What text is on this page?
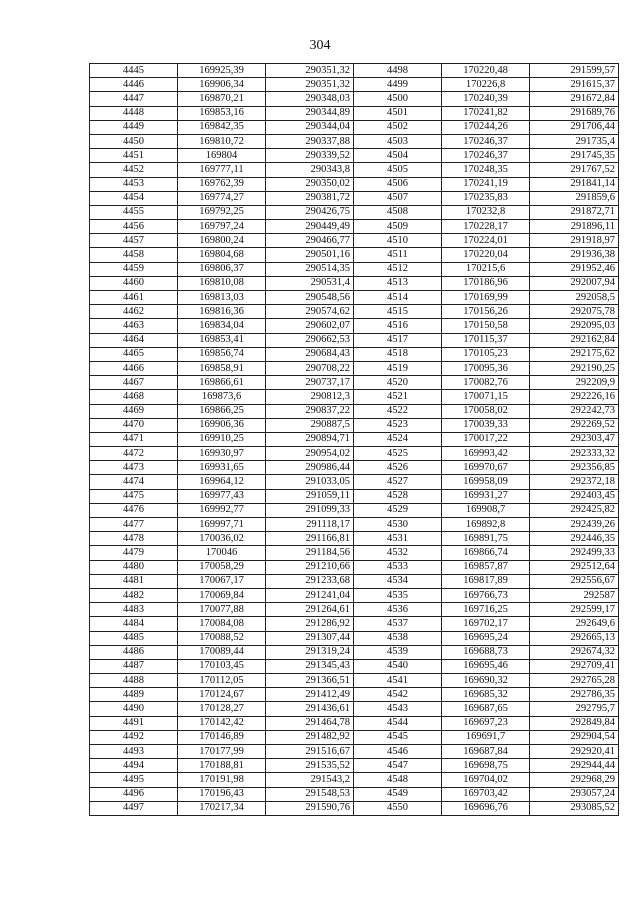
304
4445	169925,39	290351,32	4498	170220,48	291599,57
4446	169906,34	290351,32	4499	170226,8	291615,37
4447	169870,21	290348,03	4500	170240,39	291672,84
4448	169853,16	290344,89	4501	170241,82	291689,76
4449	169842,35	290344,04	4502	170244,26	291706,44
4450	169810,72	290337,88	4503	170246,37	291735,4
4451	169804	290339,52	4504	170246,37	291745,35
4452	169777,11	290343,8	4505	170248,35	291767,52
4453	169762,39	290350,02	4506	170241,19	291841,14
4454	169774,27	290381,72	4507	170235,83	291859,6
4455	169792,25	290426,75	4508	170232,8	291872,71
4456	169797,24	290449,49	4509	170228,17	291896,11
4457	169800,24	290466,77	4510	170224,01	291918,97
4458	169804,68	290501,16	4511	170220,04	291936,38
4459	169806,37	290514,35	4512	170215,6	291952,46
4460	169810,08	290531,4	4513	170186,96	292007,94
4461	169813,03	290548,56	4514	170169,99	292058,5
4462	169816,36	290574,62	4515	170156,26	292075,78
4463	169834,04	290602,07	4516	170150,58	292095,03
4464	169853,41	290662,53	4517	170115,37	292162,84
4465	169856,74	290684,43	4518	170105,23	292175,62
4466	169858,91	290708,22	4519	170095,36	292190,25
4467	169866,61	290737,17	4520	170082,76	292209,9
4468	169873,6	290812,3	4521	170071,15	292226,16
4469	169866,25	290837,22	4522	170058,02	292242,73
4470	169906,36	290887,5	4523	170039,33	292269,52
4471	169910,25	290894,71	4524	170017,22	292303,47
4472	169930,97	290954,02	4525	169993,42	292333,32
4473	169931,65	290986,44	4526	169970,67	292356,85
4474	169964,12	291033,05	4527	169958,09	292372,18
4475	169977,43	291059,11	4528	169931,27	292403,45
4476	169992,77	291099,33	4529	169908,7	292425,82
4477	169997,71	291118,17	4530	169892,8	292439,26
4478	170036,02	291166,81	4531	169891,75	292446,35
4479	170046	291184,56	4532	169866,74	292499,33
4480	170058,29	291210,66	4533	169857,87	292512,64
4481	170067,17	291233,68	4534	169817,89	292556,67
4482	170069,84	291241,04	4535	169766,73	292587
4483	170077,88	291264,61	4536	169716,25	292599,17
4484	170084,08	291286,92	4537	169702,17	292649,6
4485	170088,52	291307,44	4538	169695,24	292665,13
4486	170089,44	291319,24	4539	169688,73	292674,32
4487	170103,45	291345,43	4540	169695,46	292709,41
4488	170112,05	291366,51	4541	169690,32	292765,28
4489	170124,67	291412,49	4542	169685,32	292786,35
4490	170128,27	291436,61	4543	169687,65	292795,7
4491	170142,42	291464,78	4544	169697,23	292849,84
4492	170146,89	291482,92	4545	169691,7	292904,54
4493	170177,99	291516,67	4546	169687,84	292920,41
4494	170188,81	291535,52	4547	169698,75	292944,44
4495	170191,98	291543,2	4548	169704,02	292968,29
4496	170196,43	291548,53	4549	169703,42	293057,24
4497	170217,34	291590,76	4550	169696,76	293085,52
